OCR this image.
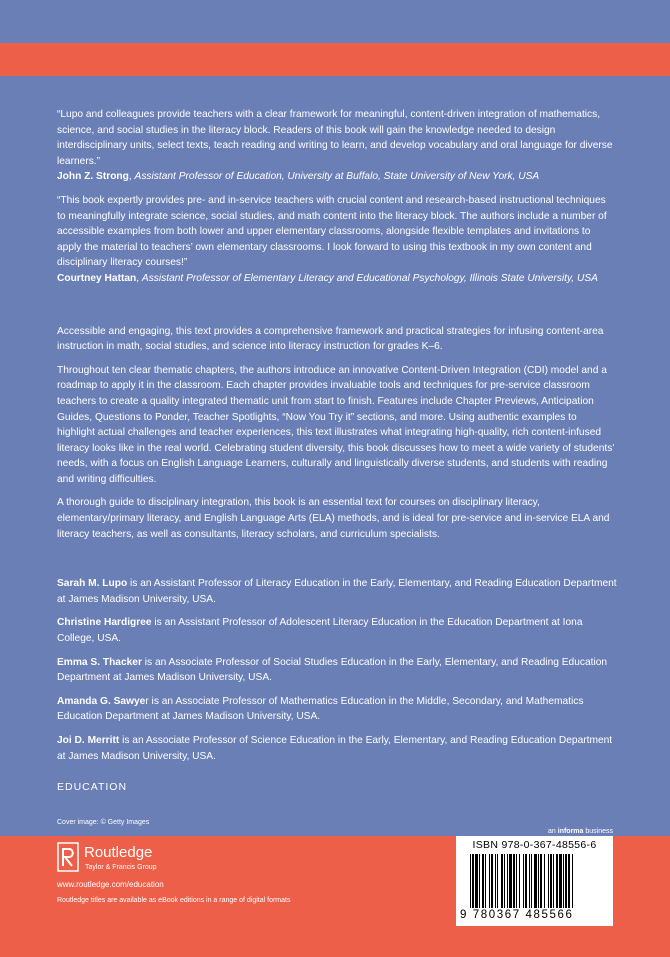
“Lupo and colleagues provide teachers with a clear framework for meaningful, content-driven integration of mathematics, science, and social studies in the literacy block. Readers of this book will gain the knowledge needed to design interdisciplinary units, select texts, teach reading and writing to learn, and develop vocabulary and oral language for diverse learners.”

John Z. Strong, Assistant Professor of Education, University at Buffalo, State University of New York, USA

“This book expertly provides pre- and in-service teachers with crucial content and research-based instructional techniques to meaningfully integrate science, social studies, and math content into the literacy block. The authors include a number of accessible examples from both lower and upper elementary classrooms, alongside flexible templates and invitations to apply the material to teachers’ own elementary classrooms. I look forward to using this textbook in my own content and disciplinary literacy courses!”

Courtney Hattan, Assistant Professor of Elementary Literacy and Educational Psychology, Illinois State University, USA

Accessible and engaging, this text provides a comprehensive framework and practical strategies for infusing content-area instruction in math, social studies, and science into literacy instruction for grades K–6.

Throughout ten clear thematic chapters, the authors introduce an innovative Content-Driven Integration (CDI) model and a roadmap to apply it in the classroom. Each chapter provides invaluable tools and techniques for pre-service classroom teachers to create a quality integrated thematic unit from start to finish. Features include Chapter Previews, Anticipation Guides, Questions to Ponder, Teacher Spotlights, “Now You Try it” sections, and more. Using authentic examples to highlight actual challenges and teacher experiences, this text illustrates what integrating high-quality, rich content-infused literacy looks like in the real world. Celebrating student diversity, this book discusses how to meet a wide variety of students’ needs, with a focus on English Language Learners, culturally and linguistically diverse students, and students with reading and writing difficulties.

A thorough guide to disciplinary integration, this book is an essential text for courses on disciplinary literacy, elementary/primary literacy, and English Language Arts (ELA) methods, and is ideal for pre-service and in-service ELA and literacy teachers, as well as consultants, literacy scholars, and curriculum specialists.

Sarah M. Lupo is an Assistant Professor of Literacy Education in the Early, Elementary, and Reading Education Department at James Madison University, USA.

Christine Hardigree is an Assistant Professor of Adolescent Literacy Education in the Education Department at Iona College, USA.

Emma S. Thacker is an Associate Professor of Social Studies Education in the Early, Elementary, and Reading Education Department at James Madison University, USA.

Amanda G. Sawyer is an Associate Professor of Mathematics Education in the Middle, Secondary, and Mathematics Education Department at James Madison University, USA.

Joi D. Merritt is an Associate Professor of Science Education in the Early, Elementary, and Reading Education Department at James Madison University, USA.

EDUCATION
Cover image: © Getty Images
an informa business
Routledge
Taylor & Francis Group
www.routledge.com/education
Routledge titles are available as eBook editions in a range of digital formats
ISBN 978-0-367-48556-6
9 780367 485566
